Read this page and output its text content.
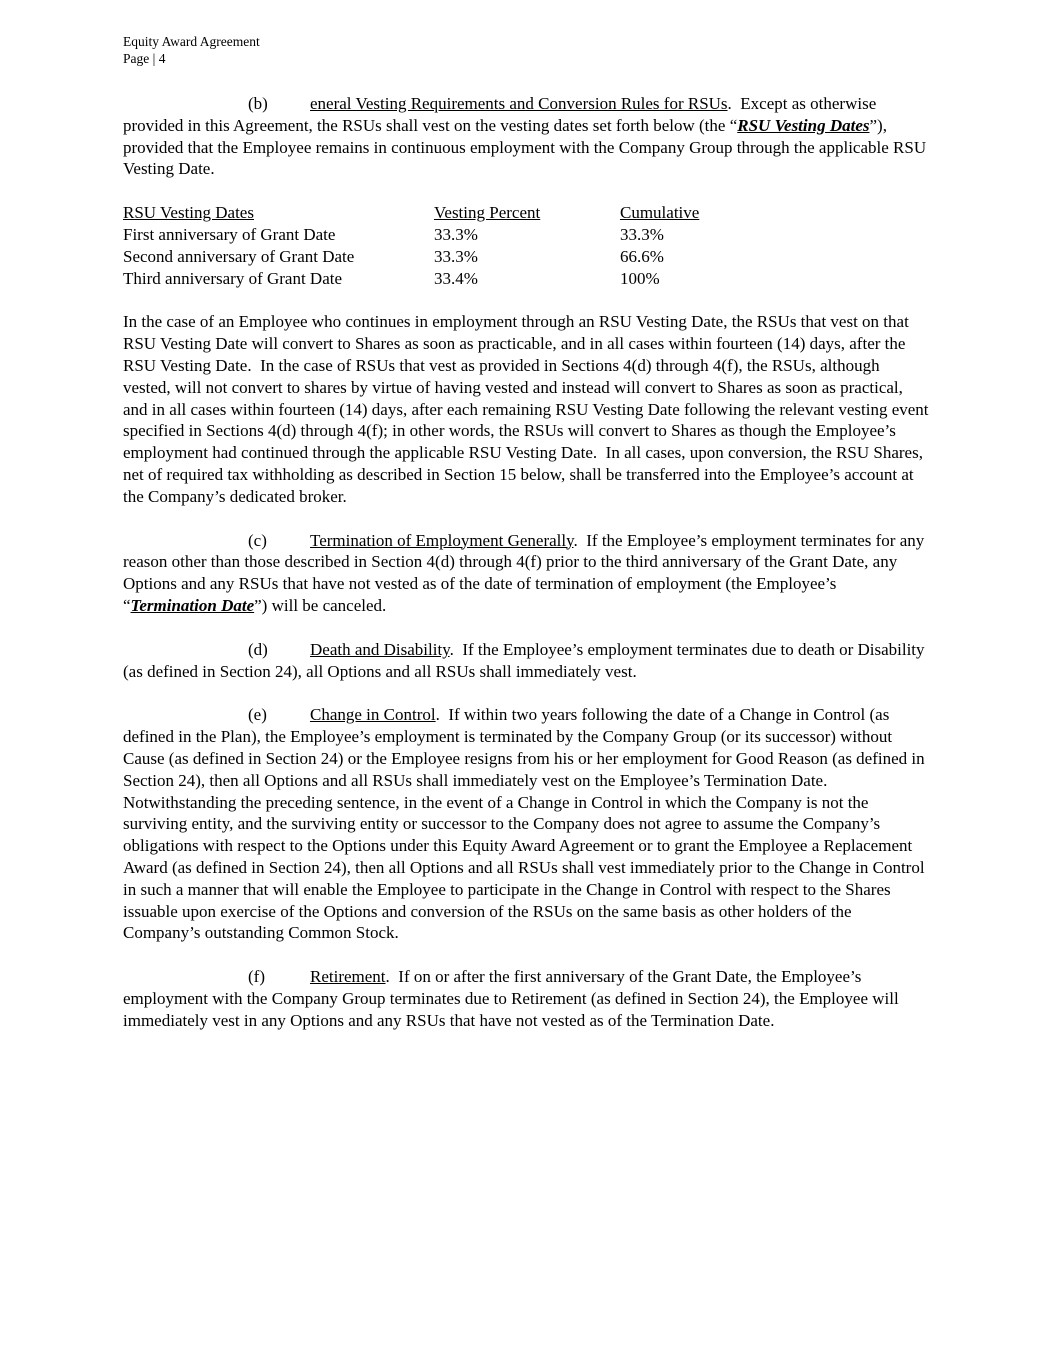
Equity Award Agreement
Page | 4

(b) eneral Vesting Requirements and Conversion Rules for RSUs.  Except as otherwise provided in this Agreement, the RSUs shall vest on the vesting dates set forth below (the “RSU Vesting Dates”), provided that the Employee remains in continuous employment with the Company Group through the applicable RSU Vesting Date.

RSU Vesting Dates	Vesting Percent	Cumulative
First anniversary of Grant Date	33.3%	33.3%
Second anniversary of Grant Date	33.3%	66.6%
Third anniversary of Grant Date	33.4%	100%

In the case of an Employee who continues in employment through an RSU Vesting Date, the RSUs that vest on that RSU Vesting Date will convert to Shares as soon as practicable, and in all cases within fourteen (14) days, after the RSU Vesting Date.  In the case of RSUs that vest as provided in Sections 4(d) through 4(f), the RSUs, although vested, will not convert to shares by virtue of having vested and instead will convert to Shares as soon as practical, and in all cases within fourteen (14) days, after each remaining RSU Vesting Date following the relevant vesting event specified in Sections 4(d) through 4(f); in other words, the RSUs will convert to Shares as though the Employee’s employment had continued through the applicable RSU Vesting Date.  In all cases, upon conversion, the RSU Shares, net of required tax withholding as described in Section 15 below, shall be transferred into the Employee’s account at the Company’s dedicated broker.

(c)	Termination of Employment Generally.  If the Employee’s employment terminates for any reason other than those described in Section 4(d) through 4(f) prior to the third anniversary of the Grant Date, any Options and any RSUs that have not vested as of the date of termination of employment (the Employee’s “Termination Date”) will be canceled.

(d) Death and Disability.  If the Employee’s employment terminates due to death or Disability (as defined in Section 24), all Options and all RSUs shall immediately vest.

(e)	Change in Control.  If within two years following the date of a Change in Control (as defined in the Plan), the Employee’s employment is terminated by the Company Group (or its successor) without Cause (as defined in Section 24) or the Employee resigns from his or her employment for Good Reason (as defined in Section 24), then all Options and all RSUs shall immediately vest on the Employee’s Termination Date. Notwithstanding the preceding sentence, in the event of a Change in Control in which the Company is not the surviving entity, and the surviving entity or successor to the Company does not agree to assume the Company’s obligations with respect to the Options under this Equity Award Agreement or to grant the Employee a Replacement Award (as defined in Section 24), then all Options and all RSUs shall vest immediately prior to the Change in Control in such a manner that will enable the Employee to participate in the Change in Control with respect to the Shares issuable upon exercise of the Options and conversion of the RSUs on the same basis as other holders of the Company’s outstanding Common Stock.

(f)	Retirement.  If on or after the first anniversary of the Grant Date, the Employee’s employment with the Company Group terminates due to Retirement (as defined in Section 24), the Employee will immediately vest in any Options and any RSUs that have not vested as of the Termination Date.
